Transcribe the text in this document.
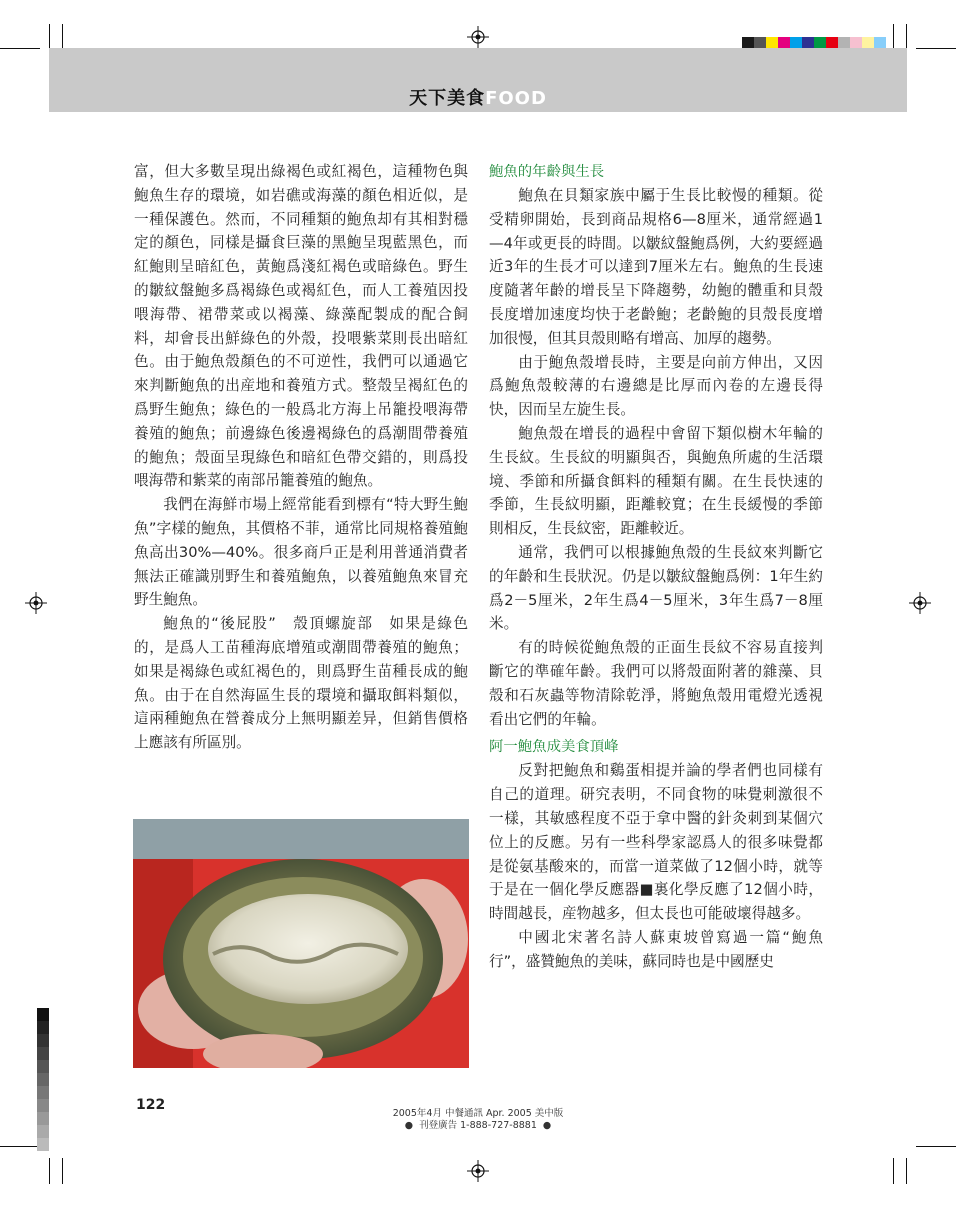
天下美食FOOD

富，但大多數呈現出綠褐色或紅褐色，這種物色與鮑魚生存的環境，如岩礁或海藻的顏色相近似，是一種保護色。然而，不同種類的鮑魚却有其相對穩定的顏色，同樣是攝食巨藻的黑鮑呈現藍黑色，而紅鮑則呈暗紅色，黃鮑爲淺紅褐色或暗綠色。野生的皺紋盤鮑多爲褐綠色或褐紅色，而人工養殖因投喂海帶、裙帶菜或以褐藻、綠藻配製成的配合飼料，却會長出鮮綠色的外殼，投喂紫菜則長出暗紅色。由于鮑魚殼顏色的不可逆性，我們可以通過它來判斷鮑魚的出産地和養殖方式。整殼呈褐紅色的爲野生鮑魚；綠色的一般爲北方海上吊籠投喂海帶養殖的鮑魚；前邊綠色後邊褐綠色的爲潮間帶養殖的鮑魚；殼面呈現綠色和暗紅色帶交錯的，則爲投喂海帶和紫菜的南部吊籠養殖的鮑魚。

我們在海鮮市場上經常能看到標有“特大野生鮑魚”字樣的鮑魚，其價格不菲，通常比同規格養殖鮑魚高出30%—40%。很多商戶正是利用普通消費者無法正確識別野生和養殖鮑魚，以養殖鮑魚來冒充野生鮑魚。

鮑魚的“後屁股”　殼頂螺旋部　如果是綠色的，是爲人工苗種海底增殖或潮間帶養殖的鮑魚；如果是褐綠色或紅褐色的，則爲野生苗種長成的鮑魚。由于在自然海區生長的環境和攝取餌料類似，這兩種鮑魚在營養成分上無明顯差异，但銷售價格上應該有所區別。

鮑魚的年齡與生長

鮑魚在貝類家族中屬于生長比較慢的種類。從受精卵開始，長到商品規格6—8厘米，通常經過1—4年或更長的時間。以皺紋盤鮑爲例，大約要經過近3年的生長才可以達到7厘米左右。鮑魚的生長速度隨著年齡的增長呈下降趨勢，幼鮑的體重和貝殼長度增加速度均快于老齡鮑；老齡鮑的貝殼長度增加很慢，但其貝殼則略有增高、加厚的趨勢。

由于鮑魚殼增長時，主要是向前方伸出，又因爲鮑魚殼較薄的右邊總是比厚而內卷的左邊長得快，因而呈左旋生長。

鮑魚殼在增長的過程中會留下類似樹木年輪的生長紋。生長紋的明顯與否，與鮑魚所處的生活環境、季節和所攝食餌料的種類有關。在生長快速的季節，生長紋明顯，距離較寬；在生長緩慢的季節則相反，生長紋密，距離較近。

通常，我們可以根據鮑魚殼的生長紋來判斷它的年齡和生長狀況。仍是以皺紋盤鮑爲例：1年生約爲2－5厘米，2年生爲4－5厘米，3年生爲7－8厘米。

有的時候從鮑魚殼的正面生長紋不容易直接判斷它的準確年齡。我們可以將殼面附著的雜藻、貝殼和石灰蟲等物清除乾淨，將鮑魚殼用電燈光透視看出它們的年輪。

阿一鮑魚成美食頂峰

反對把鮑魚和鷄蛋相提并論的學者們也同樣有自己的道理。研究表明，不同食物的味覺刺激很不一樣，其敏感程度不亞于拿中醫的針灸刺到某個穴位上的反應。另有一些科學家認爲人的很多味覺都是從氨基酸來的，而當一道菜做了12個小時，就等于是在一個化學反應器■裏化學反應了12個小時，時間越長，産物越多，但太長也可能破壞得越多。

中國北宋著名詩人蘇東坡曾寫過一篇“鮑魚行”，盛贊鮑魚的美味，蘇同時也是中國歷史

122
2005年4月 中餐通訊 Apr. 2005 美中版
●  刊登廣告 1-888-727-8881  ●
